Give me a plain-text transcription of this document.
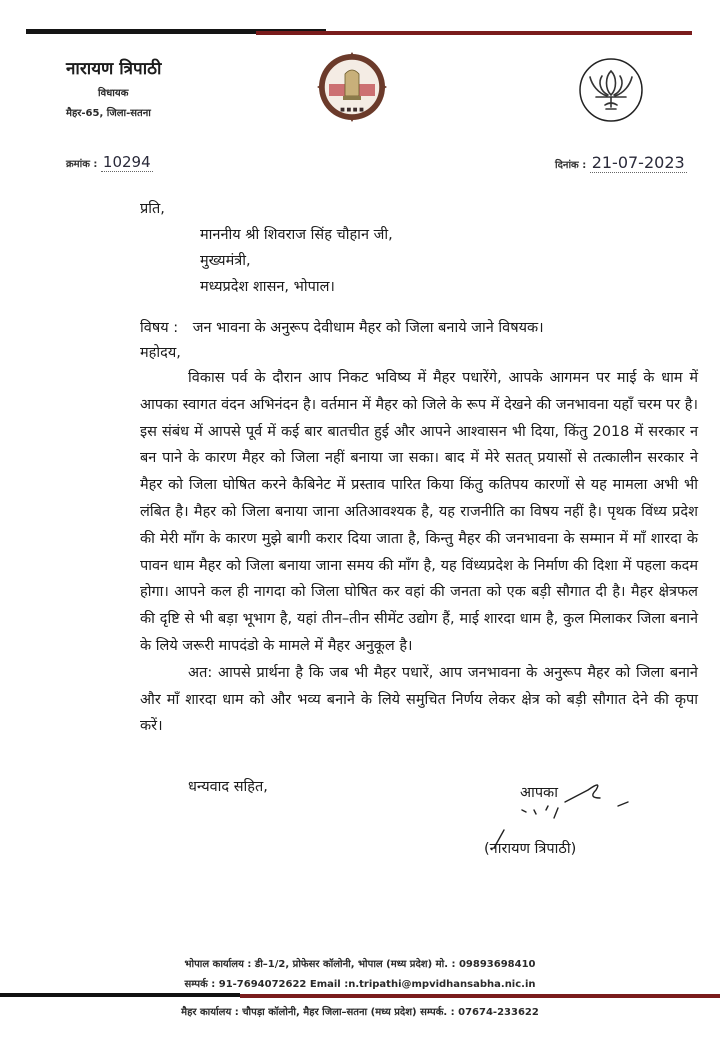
नारायण त्रिपाठी
विधायक
मैहर-65, जिला-सतना	■ ■ ■ ■
क्रमांक : 10294	दिनांक : 21-07-2023
प्रति,
माननीय श्री शिवराज सिंह चौहान जी,
मुख्यमंत्री,
मध्यप्रदेश शासन, भोपाल।
विषय : जन भावना के अनुरूप देवीधाम मैहर को जिला बनाये जाने विषयक।
महोदय,

विकास पर्व के दौरान आप निकट भविष्य में मैहर पधारेंगे, आपके आगमन पर माई के धाम में आपका स्वागत वंदन अभिनंदन है। वर्तमान में मैहर को जिले के रूप में देखने की जनभावना यहाँ चरम पर है। इस संबंध में आपसे पूर्व में कई बार बातचीत हुई और आपने आश्वासन भी दिया, किंतु 2018 में सरकार न बन पाने के कारण मैहर को जिला नहीं बनाया जा सका। बाद में मेरे सतत् प्रयासों से तत्कालीन सरकार ने मैहर को जिला घोषित करने कैबिनेट में प्रस्ताव पारित किया किंतु कतिपय कारणों से यह मामला अभी भी लंबित है। मैहर को जिला बनाया जाना अतिआवश्यक है, यह राजनीति का विषय नहीं है। पृथक विंध्य प्रदेश की मेरी माँग के कारण मुझे बागी करार दिया जाता है, किन्तु मैहर की जनभावना के सम्मान में माँ शारदा के पावन धाम मैहर को जिला बनाया जाना समय की माँग है, यह विंध्यप्रदेश के निर्माण की दिशा में पहला कदम होगा। आपने कल ही नागदा को जिला घोषित कर वहां की जनता को एक बड़ी सौगात दी है। मैहर क्षेत्रफल की दृष्टि से भी बड़ा भूभाग है, यहां तीन–तीन सीमेंट उद्योग हैं, माई शारदा धाम है, कुल मिलाकर जिला बनाने के लिये जरूरी मापदंडो के मामले में मैहर अनुकूल है।

अत: आपसे प्रार्थना है कि जब भी मैहर पधारें, आप जनभावना के अनुरूप मैहर को जिला बनाने और माँ शारदा धाम को और भव्य बनाने के लिये समुचित निर्णय लेकर क्षेत्र को बड़ी सौगात देने की कृपा करें।

धन्यवाद सहित,	आपका
(नारायण त्रिपाठी)
भोपाल कार्यालय : डी–1/2, प्रोफेसर कॉलोनी, भोपाल (मध्य प्रदेश) मो. : 09893698410
सम्पर्क : 91-7694072622 Email :n.tripathi@mpvidhansabha.nic.in
मैहर कार्यालय : चौपड़ा कॉलोनी, मैहर जिला–सतना (मध्य प्रदेश) सम्पर्क. : 07674-233622
